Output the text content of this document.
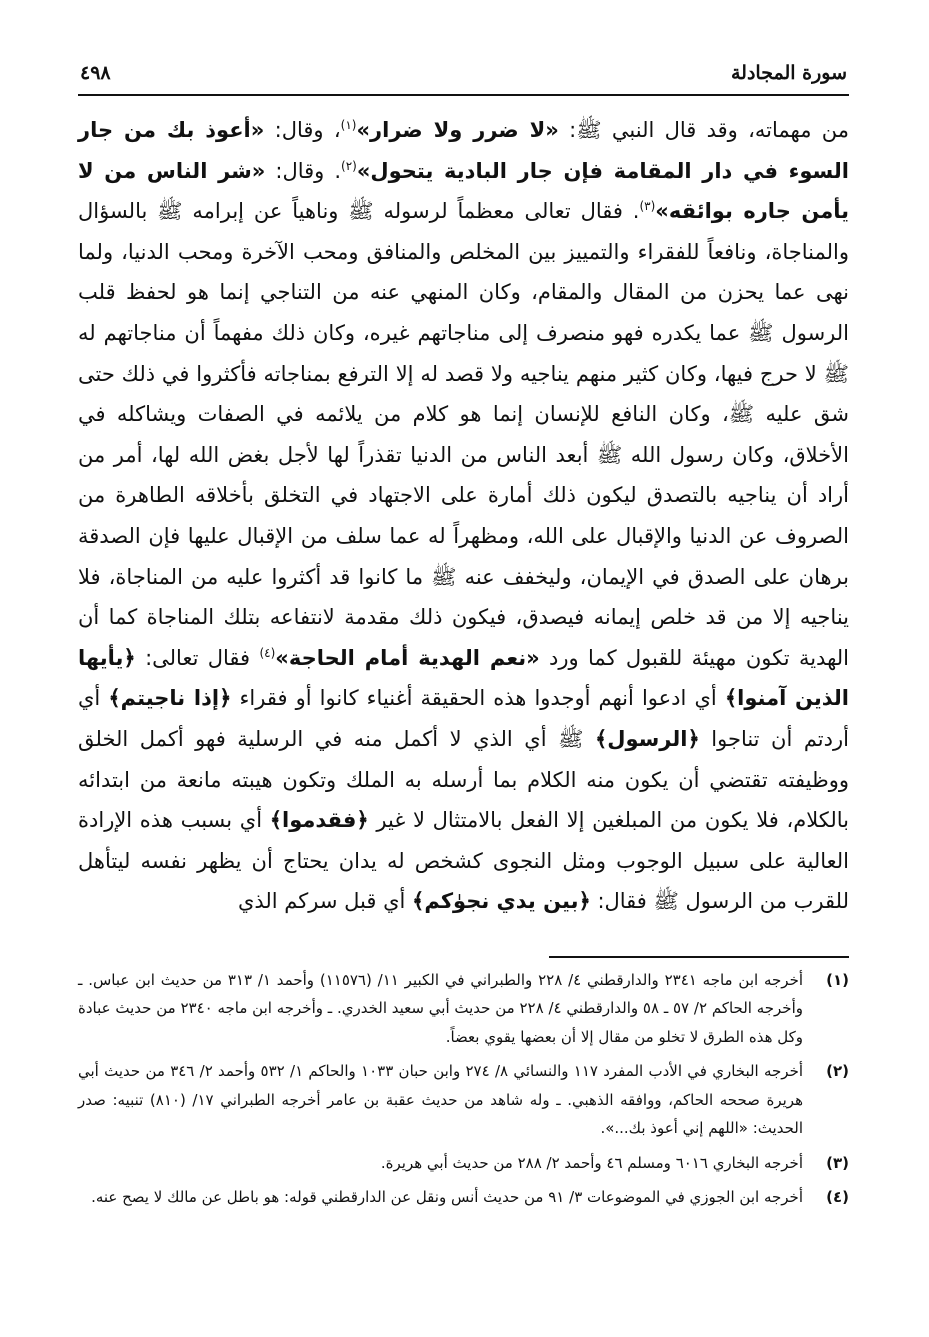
سورة المجادلة
٤٩٨

من مهماته، وقد قال النبي ﷺ: «لا ضرر ولا ضرار»$^{(١)}$، وقال: «أعوذ بك من جار السوء في دار المقامة فإن جار البادية يتحول»$^{(٢)}$. وقال: «شر الناس من لا يأمن جاره بوائقه»$^{(٣)}$. فقال تعالى معظماً لرسوله ﷺ وناهياً عن إبرامه ﷺ بالسؤال والمناجاة، ونافعاً للفقراء والتمييز بين المخلص والمنافق ومحب الآخرة ومحب الدنيا، ولما نهى عما يحزن من المقال والمقام، وكان المنهي عنه من التناجي إنما هو لحفظ قلب الرسول ﷺ عما يكدره فهو منصرف إلى مناجاتهم غيره، وكان ذلك مفهماً أن مناجاتهم له ﷺ لا حرج فيها، وكان كثير منهم يناجيه ولا قصد له إلا الترفع بمناجاته فأكثروا في ذلك حتى شق عليه ﷺ، وكان النافع للإنسان إنما هو كلام من يلائمه في الصفات ويشاكله في الأخلاق، وكان رسول الله ﷺ أبعد الناس من الدنيا تقذراً لها لأجل بغض الله لها، أمر من أراد أن يناجيه بالتصدق ليكون ذلك أمارة على الاجتهاد في التخلق بأخلاقه الطاهرة من الصروف عن الدنيا والإقبال على الله، ومظهراً له عما سلف من الإقبال عليها فإن الصدقة برهان على الصدق في الإيمان، وليخفف عنه ﷺ ما كانوا قد أكثروا عليه من المناجاة، فلا يناجيه إلا من قد خلص إيمانه فيصدق، فيكون ذلك مقدمة لانتفاعه بتلك المناجاة كما أن الهدية تكون مهيئة للقبول كما ورد «نعم الهدية أمام الحاجة»$^{(٤)}$ فقال تعالى: ﴿يأيها الذين آمنوا﴾ أي ادعوا أنهم أوجدوا هذه الحقيقة أغنياء كانوا أو فقراء ﴿إذا ناجيتم﴾ أي أردتم أن تناجوا ﴿الرسول﴾ ﷺ أي الذي لا أكمل منه في الرسلية فهو أكمل الخلق ووظيفته تقتضي أن يكون منه الكلام بما أرسله به الملك وتكون هيبته مانعة من ابتدائه بالكلام، فلا يكون من المبلغين إلا الفعل بالامتثال لا غير ﴿فقدموا﴾ أي بسبب هذه الإرادة العالية على سبيل الوجوب ومثل النجوى كشخص له يدان يحتاج أن يظهر نفسه ليتأهل للقرب من الرسول ﷺ فقال: ﴿بين يدي نجوٰكم﴾ أي قبل سركم الذي

(١)
أخرجه ابن ماجه ٢٣٤١ والدارقطني ٤/ ٢٢٨ والطبراني في الكبير ١١/ (١١٥٧٦) وأحمد ١/ ٣١٣ من حديث ابن عباس. ـ وأخرجه الحاكم ٢/ ٥٧ ـ ٥٨ والدارقطني ٤/ ٢٢٨ من حديث أبي سعيد الخدري. ـ وأخرجه ابن ماجه ٢٣٤٠ من حديث عبادة وكل هذه الطرق لا تخلو من مقال إلا أن بعضها يقوي بعضاً.
(٢)
أخرجه البخاري في الأدب المفرد ١١٧ والنسائي ٨/ ٢٧٤ وابن حبان ١٠٣٣ والحاكم ١/ ٥٣٢ وأحمد ٢/ ٣٤٦ من حديث أبي هريرة صححه الحاكم، ووافقه الذهبي. ـ وله شاهد من حديث عقبة بن عامر أخرجه الطبراني ١٧/ (٨١٠) تنبيه: صدر الحديث: «اللهم إني أعوذ بك...».
(٣)
أخرجه البخاري ٦٠١٦ ومسلم ٤٦ وأحمد ٢/ ٢٨٨ من حديث أبي هريرة.
(٤)
أخرجه ابن الجوزي في الموضوعات ٣/ ٩١ من حديث أنس ونقل عن الدارقطني قوله: هو باطل عن مالك لا يصح عنه.
